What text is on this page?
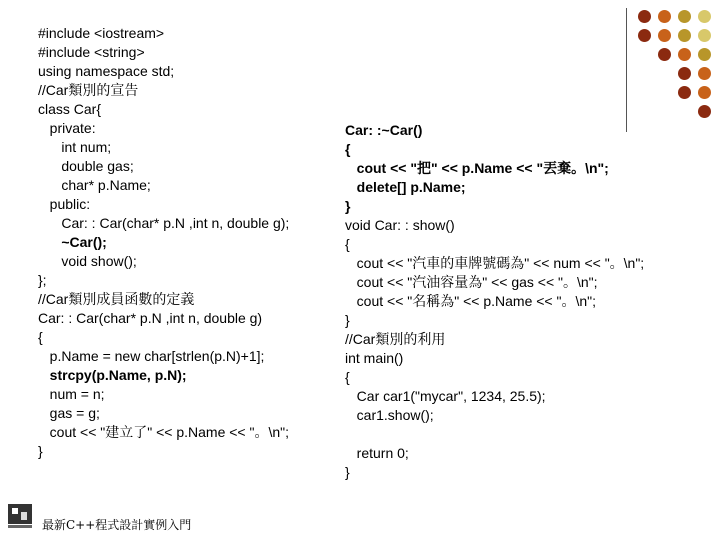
#include <iostream>
#include <string>
using namespace std;
//Car類別的宣告
class Car{
private:
int num;
double gas;
char* p.Name;
public:
Car: : Car(char* p.N ,int n, double g);
~Car();
void show();
};
//Car類別成員函數的定義
Car: : Car(char* p.N ,int n, double g)
{
p.Name = new char[strlen(p.N)+1];
strcpy(p.Name, p.N);
num = n;
gas = g;
cout << "建立了" << p.Name << "。\n";
}
Car: :~Car()
{
cout << "把" << p.Name << "丟棄。\n";
delete[] p.Name;
}
void Car: : show()
{
cout << "汽車的車牌號碼為" << num << "。\n";
cout << "汽油容量為" << gas << "。\n";
cout << "名稱為" << p.Name << "。\n";
}
//Car類別的利用
int main()
{
Car car1("mycar", 1234, 25.5);
car1.show();
return 0;
}
最新C++程式設計實例入門
